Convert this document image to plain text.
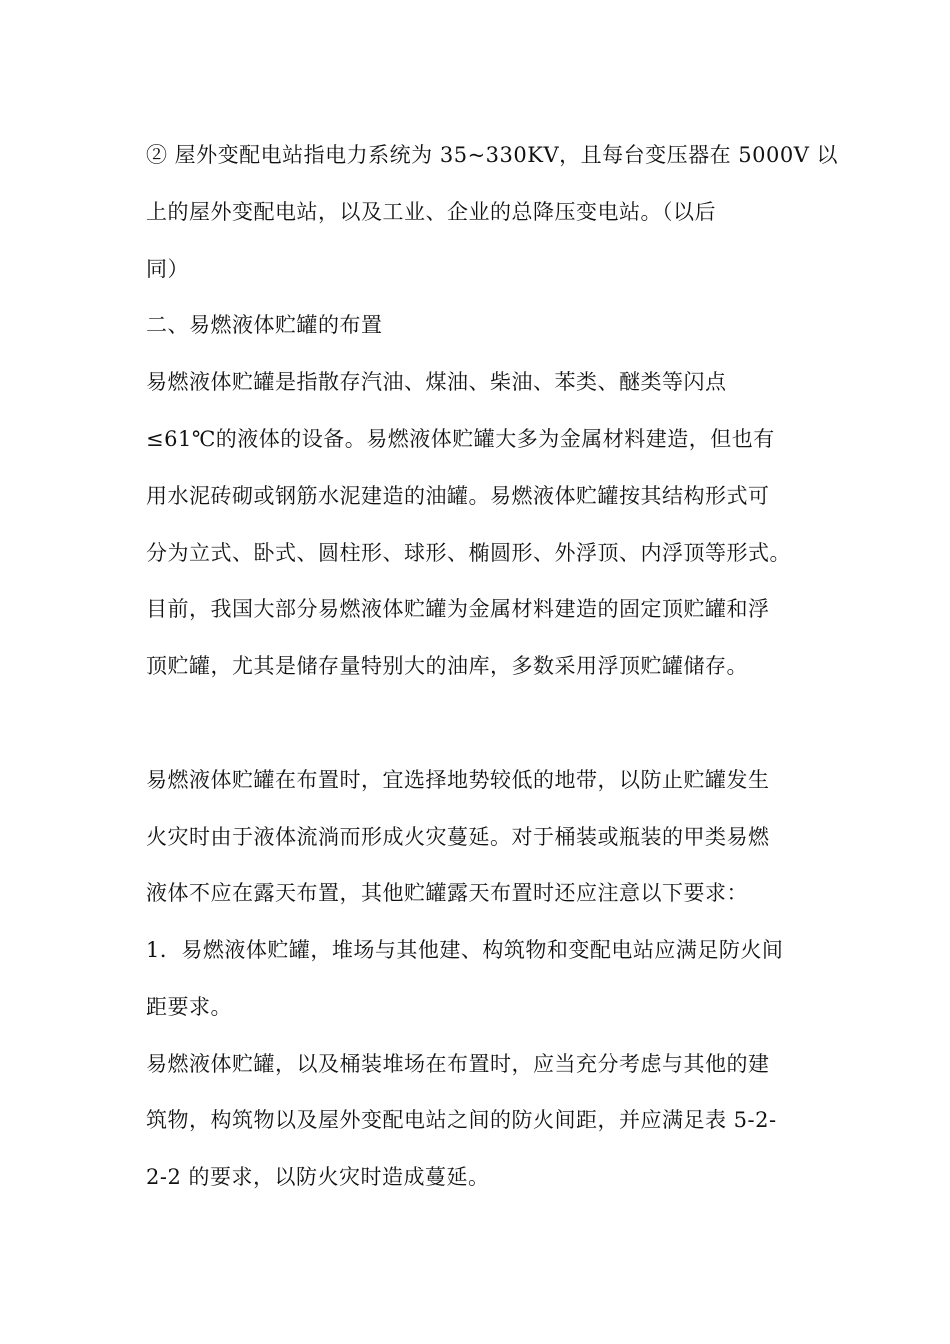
② 屋外变配电站指电力系统为 35~330KV，且每台变压器在 5000V 以
上的屋外变配电站，以及工业、企业的总降压变电站。（以后
同）
二、易燃液体贮罐的布置
易燃液体贮罐是指散存汽油、煤油、柴油、苯类、醚类等闪点
≤61℃的液体的设备。易燃液体贮罐大多为金属材料建造，但也有
用水泥砖砌或钢筋水泥建造的油罐。易燃液体贮罐按其结构形式可
分为立式、卧式、圆柱形、球形、椭圆形、外浮顶、内浮顶等形式。
目前，我国大部分易燃液体贮罐为金属材料建造的固定顶贮罐和浮
顶贮罐，尤其是储存量特别大的油库，多数采用浮顶贮罐储存。
易燃液体贮罐在布置时，宜选择地势较低的地带，以防止贮罐发生
火灾时由于液体流淌而形成火灾蔓延。对于桶装或瓶装的甲类易燃
液体不应在露天布置，其他贮罐露天布置时还应注意以下要求：
1．易燃液体贮罐，堆场与其他建、构筑物和变配电站应满足防火间
距要求。
易燃液体贮罐，以及桶装堆场在布置时，应当充分考虑与其他的建
筑物，构筑物以及屋外变配电站之间的防火间距，并应满足表 5-2-
2-2 的要求，以防火灾时造成蔓延。
